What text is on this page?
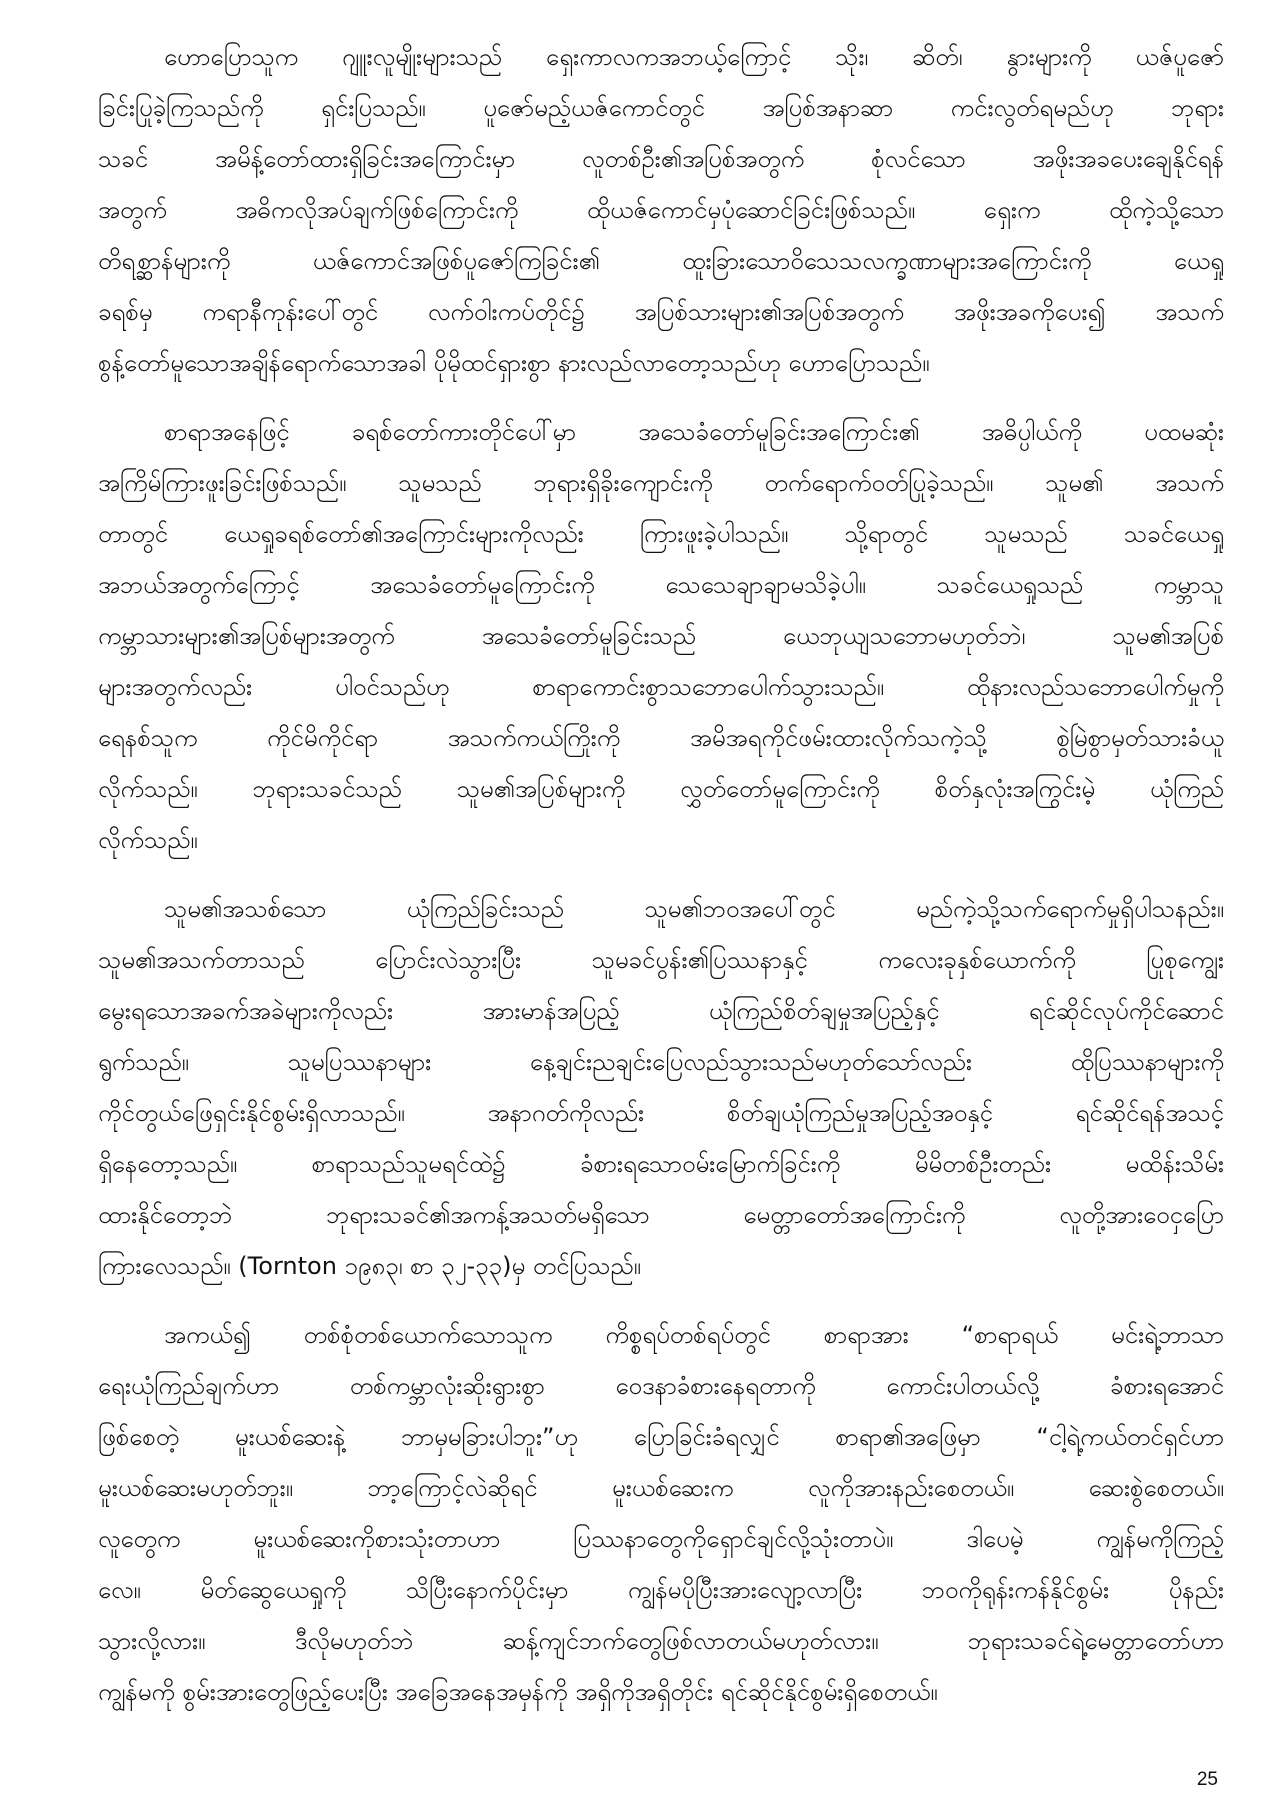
ဟောပြောသူက ဂျူးလူမျိုးများသည် ရှေးကာလကအဘယ့်ကြောင့် သိုး၊ ဆိတ်၊ နွားများကို ယဇ်ပူဇော်
ခြင်းပြုခဲ့ကြသည်ကို ရှင်းပြသည်။ ပူဇော်မည့်ယဇ်ကောင်တွင် အပြစ်အနာဆာ ကင်းလွတ်ရမည်ဟု ဘုရား
သခင် အမိန့်တော်ထားရှိခြင်းအကြောင်းမှာ လူတစ်ဦး၏အပြစ်အတွက် စုံလင်သော အဖိုးအခပေးချေနိုင်ရန်
အတွက် အဓိကလိုအပ်ချက်ဖြစ်ကြောင်းကို ထိုယဇ်ကောင်မှပုံဆောင်ခြင်းဖြစ်သည်။ ရှေးက ထိုကဲ့သို့သော
တိရစ္ဆာန်များကို ယဇ်ကောင်အဖြစ်ပူဇော်ကြခြင်း၏ ထူးခြားသောဝိသေသလက္ခဏာများအကြောင်းကို ယေရှု
ခရစ်မှ ကရာနီကုန်းပေါ်တွင် လက်ဝါးကပ်တိုင်၌ အပြစ်သားများ၏အပြစ်အတွက် အဖိုးအခကိုပေး၍ အသက်
စွန့်တော်မူသောအချိန်ရောက်သောအခါ ပိုမိုထင်ရှားစွာ နားလည်လာတော့သည်ဟု ဟောပြောသည်။
စာရာအနေဖြင့် ခရစ်တော်ကားတိုင်ပေါ်မှာ အသေခံတော်မူခြင်းအကြောင်း၏ အဓိပ္ပါယ်ကို ပထမဆုံး
အကြိမ်ကြားဖူးခြင်းဖြစ်သည်။ သူမသည် ဘုရားရှိခိုးကျောင်းကို တက်ရောက်ဝတ်ပြုခဲ့သည်။ သူမ၏ အသက်
တာတွင် ယေရှုခရစ်တော်၏အကြောင်းများကိုလည်း ကြားဖူးခဲ့ပါသည်။ သို့ရာတွင် သူမသည် သခင်ယေရှု
အဘယ်အတွက်ကြောင့် အသေခံတော်မူကြောင်းကို သေသေချာချာမသိခဲ့ပါ။ သခင်ယေရှုသည် ကမ္ဘာသူ
ကမ္ဘာသားများ၏အပြစ်များအတွက် အသေခံတော်မူခြင်းသည် ယေဘုယျသဘောမဟုတ်ဘဲ၊ သူမ၏အပြစ်
များအတွက်လည်း ပါဝင်သည်ဟု စာရာကောင်းစွာသဘောပေါက်သွားသည်။ ထိုနားလည်သဘောပေါက်မှုကို
ရေနစ်သူက ကိုင်မိကိုင်ရာ အသက်ကယ်ကြိုးကို အမိအရကိုင်ဖမ်းထားလိုက်သကဲ့သို့ စွဲမြဲစွာမှတ်သားခံယူ
လိုက်သည်။ ဘုရားသခင်သည် သူမ၏အပြစ်များကို လွှတ်တော်မူကြောင်းကို စိတ်နှလုံးအကြွင်းမဲ့ ယုံကြည်
လိုက်သည်။
သူမ၏အသစ်သော ယုံကြည်ခြင်းသည် သူမ၏ဘဝအပေါ်တွင် မည်ကဲ့သို့သက်ရောက်မှုရှိပါသနည်း။
သူမ၏အသက်တာသည် ပြောင်းလဲသွားပြီး သူမခင်ပွန်း၏ပြဿနာနှင့် ကလေးခုနှစ်ယောက်ကို ပြုစုကျွေး
မွေးရသောအခက်အခဲများကိုလည်း အားမာန်အပြည့် ယုံကြည်စိတ်ချမှုအပြည့်နှင့် ရင်ဆိုင်လုပ်ကိုင်ဆောင်
ရွက်သည်။ သူမပြဿနာများ နေ့ချင်းညချင်းပြေလည်သွားသည်မဟုတ်သော်လည်း ထိုပြဿနာများကို
ကိုင်တွယ်ဖြေရှင်းနိုင်စွမ်းရှိလာသည်။ အနာဂတ်ကိုလည်း စိတ်ချယုံကြည်မှုအပြည့်အဝနှင့် ရင်ဆိုင်ရန်အသင့်
ရှိနေတော့သည်။ စာရာသည်သူမရင်ထဲ၌ ခံစားရသောဝမ်းမြောက်ခြင်းကို မိမိတစ်ဦးတည်း မထိန်းသိမ်း
ထားနိုင်တော့ဘဲ ဘုရားသခင်၏အကန့်အသတ်မရှိသော မေတ္တာတော်အကြောင်းကို လူတို့အားဝေငှပြော
ကြားလေသည်။ (Tornton ၁၉၈၃၊ စာ ၃၂-၃၃)မှ တင်ပြသည်။
အကယ်၍ တစ်စုံတစ်ယောက်သောသူက ကိစ္စရပ်တစ်ရပ်တွင် စာရာအား “စာရာရယ် မင်းရဲ့ဘာသာ
ရေးယုံကြည်ချက်ဟာ တစ်ကမ္ဘာလုံးဆိုးရွားစွာ ဝေဒနာခံစားနေရတာကို ကောင်းပါတယ်လို့ ခံစားရအောင်
ဖြစ်စေတဲ့ မူးယစ်ဆေးနဲ့ ဘာမှမခြားပါဘူး”ဟု ပြောခြင်းခံရလျှင် စာရာ၏အဖြေမှာ “ငါ့ရဲ့ကယ်တင်ရှင်ဟာ
မူးယစ်ဆေးမဟုတ်ဘူး။ ဘာ့ကြောင့်လဲဆိုရင် မူးယစ်ဆေးက လူကိုအားနည်းစေတယ်။ ဆေးစွဲစေတယ်။
လူတွေက မူးယစ်ဆေးကိုစားသုံးတာဟာ ပြဿနာတွေကိုရှောင်ချင်လို့သုံးတာပဲ။ ဒါပေမဲ့ ကျွန်မကိုကြည့်
လေ။ မိတ်ဆွေယေရှုကို သိပြီးနောက်ပိုင်းမှာ ကျွန်မပိုပြီးအားလျော့လာပြီး ဘဝကိုရုန်းကန်နိုင်စွမ်း ပိုနည်း
သွားလို့လား။ ဒီလိုမဟုတ်ဘဲ ဆန့်ကျင်ဘက်တွေဖြစ်လာတယ်မဟုတ်လား။ ဘုရားသခင်ရဲ့မေတ္တာတော်ဟာ
ကျွန်မကို စွမ်းအားတွေဖြည့်ပေးပြီး အခြေအနေအမှန်ကို အရှိကိုအရှိတိုင်း ရင်ဆိုင်နိုင်စွမ်းရှိစေတယ်။
25
